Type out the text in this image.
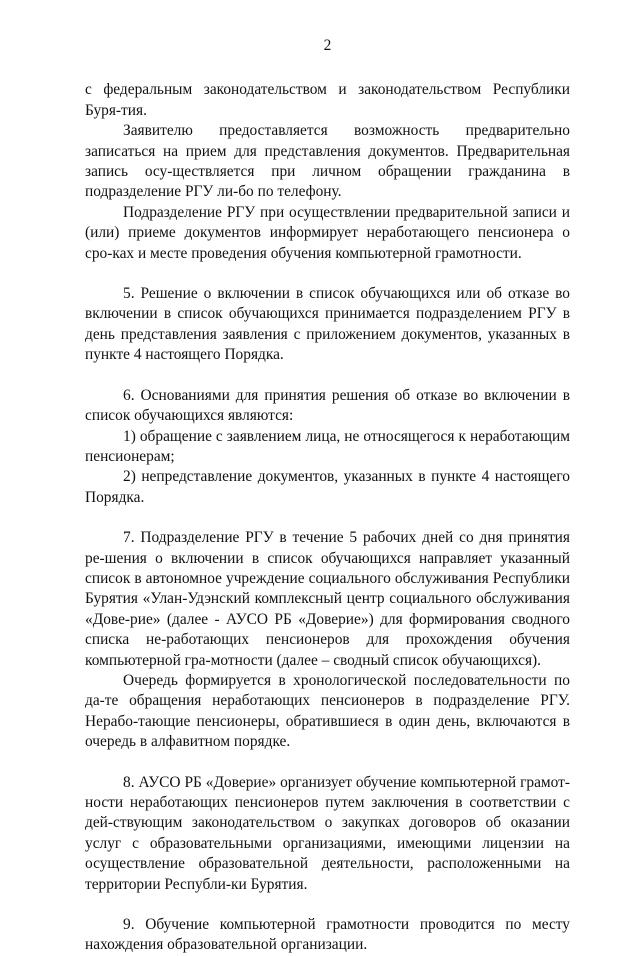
2

с федеральным законодательством и законодательством Республики Буря-тия.

Заявителю предоставляется возможность предварительно записаться на прием для представления документов. Предварительная запись осу-ществляется при личном обращении гражданина в подразделение РГУ ли-бо по телефону.

Подразделение РГУ при осуществлении предварительной записи и (или) приеме документов информирует неработающего пенсионера о сро-ках и месте проведения обучения компьютерной грамотности.

5. Решение о включении в список обучающихся или об отказе во включении в список обучающихся принимается подразделением РГУ в день представления заявления с приложением документов, указанных в пункте 4 настоящего Порядка.

6. Основаниями для принятия решения об отказе во включении в список обучающихся являются:

1) обращение с заявлением лица, не относящегося к неработающим пенсионерам;

2) непредставление документов, указанных в пункте 4 настоящего Порядка.

7. Подразделение РГУ в течение 5 рабочих дней со дня принятия ре-шения о включении в список обучающихся направляет указанный список в автономное учреждение социального обслуживания Республики Бурятия «Улан-Удэнский комплексный центр социального обслуживания «Дове-рие» (далее - АУСО РБ «Доверие») для формирования сводного списка не-работающих пенсионеров для прохождения обучения компьютерной гра-мотности (далее – сводный список обучающихся).

Очередь формируется в хронологической последовательности по да-те обращения неработающих пенсионеров в подразделение РГУ. Нерабо-тающие пенсионеры, обратившиеся в один день, включаются в очередь в алфавитном порядке.

8. АУСО РБ «Доверие» организует обучение компьютерной грамот-ности неработающих пенсионеров путем заключения в соответствии с дей-ствующим законодательством о закупках договоров об оказании услуг с образовательными организациями, имеющими лицензии на осуществление образовательной деятельности, расположенными на территории Республи-ки Бурятия.

9. Обучение компьютерной грамотности проводится по месту нахождения образовательной организации.
